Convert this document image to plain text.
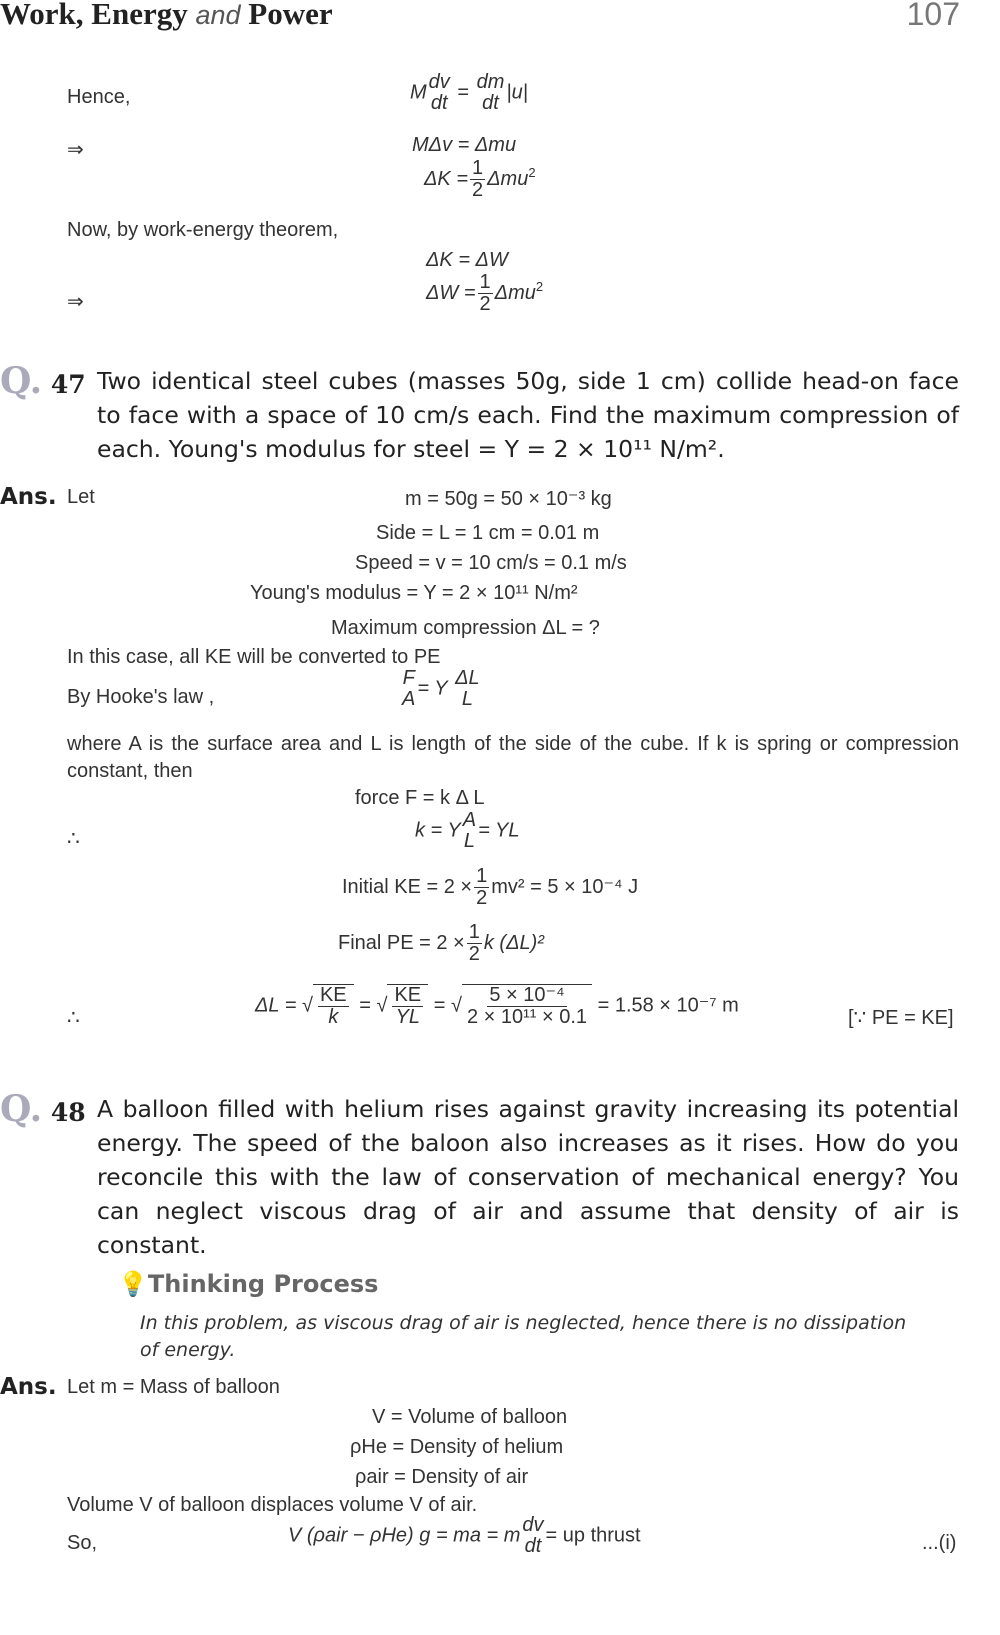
Work, Energy and Power	107
Hence,	M dv
dt = dm
dt |u|
⇒	MΔv = Δmu
$\Delta K = \frac{1}{2} \Delta mu^2$
Now, by work-energy theorem,
ΔK = ΔW
⇒	$\Delta W = \frac{1}{2} \Delta mu^2$
Q. 47 Two identical steel cubes (masses 50g, side 1 cm) collide head-on face to face with a space of 10 cm/s each. Find the maximum compression of each. Young's modulus for steel = Y = 2 × 10¹¹ N/m².
Ans. Let	m = 50g = 50 × 10⁻³ kg
Side = L = 1 cm = 0.01 m
Speed = v = 10 cm/s = 0.1 m/s
Young's modulus = Y = 2 × 10¹¹ N/m²
Maximum compression ΔL = ?
In this case, all KE will be converted to PE
By Hooke's law ,
F
A = Y ΔL
L
where A is the surface area and L is length of the side of the cube. If k is spring or compression constant, then
force F = k Δ L
∴	k = Y A
L = YL
Initial KE = $2 \times \frac{1}{2} mv^2 = 5 \times 10^{-4}$ J
Final PE = $2 \times \frac{1}{2}$ k (ΔL)²
∴
ΔL = √ $\frac{KE}{k}$ = √ $\frac{KE}{YL}$ = √ $\frac{\text{5 × 10⁻⁴}}{\text{2 × 10¹¹ × 0.1}} = 1.58 \times 10^{-7}$ m
[∵ PE = KE]
Q. 48 A balloon filled with helium rises against gravity increasing its potential energy. The speed of the baloon also increases as it rises. How do you reconcile this with the law of conservation of mechanical energy? You can neglect viscous drag of air and assume that density of air is constant.
💡Thinking Process
In this problem, as viscous drag of air is neglected, hence there is no dissipation of energy.
Ans. Let m = Mass of balloon
V = Volume of balloon
ρHe = Density of helium
ρair = Density of air
Volume V of balloon displaces volume V of air.
So,	V (ρair − ρHe) g = ma = m dv
dt = up thrust	...(i)
